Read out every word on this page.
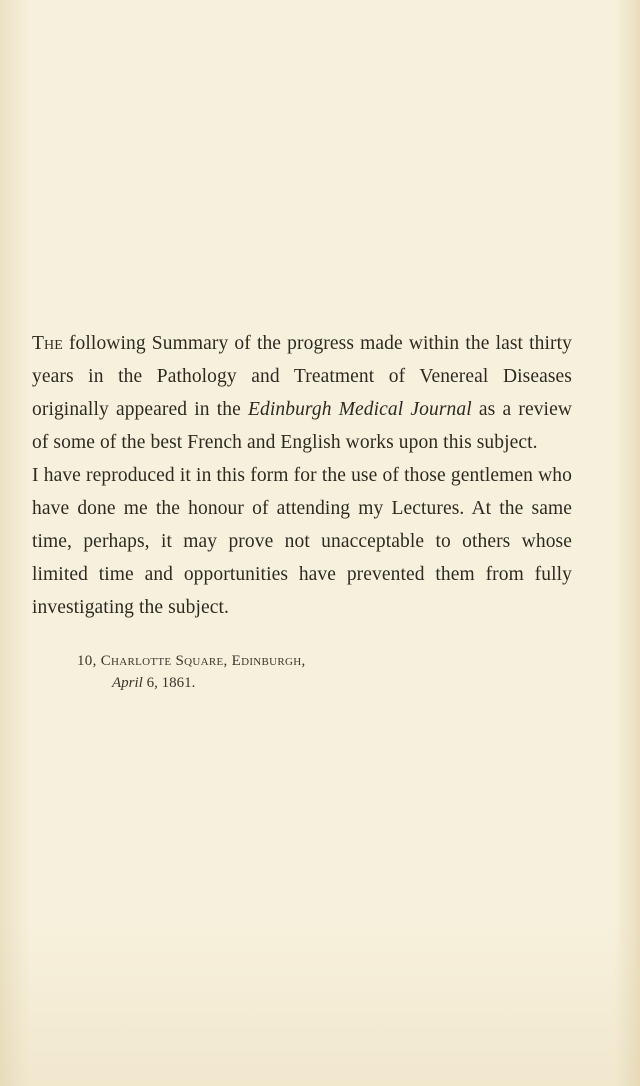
The following Summary of the progress made within the last thirty years in the Pathology and Treatment of Venereal Diseases originally appeared in the Edinburgh Medical Journal as a review of some of the best French and English works upon this subject.

I have reproduced it in this form for the use of those gentlemen who have done me the honour of attending my Lectures. At the same time, perhaps, it may prove not unacceptable to others whose limited time and opportunities have prevented them from fully investigating the subject.

10, Charlotte Square, Edinburgh,
April 6, 1861.
